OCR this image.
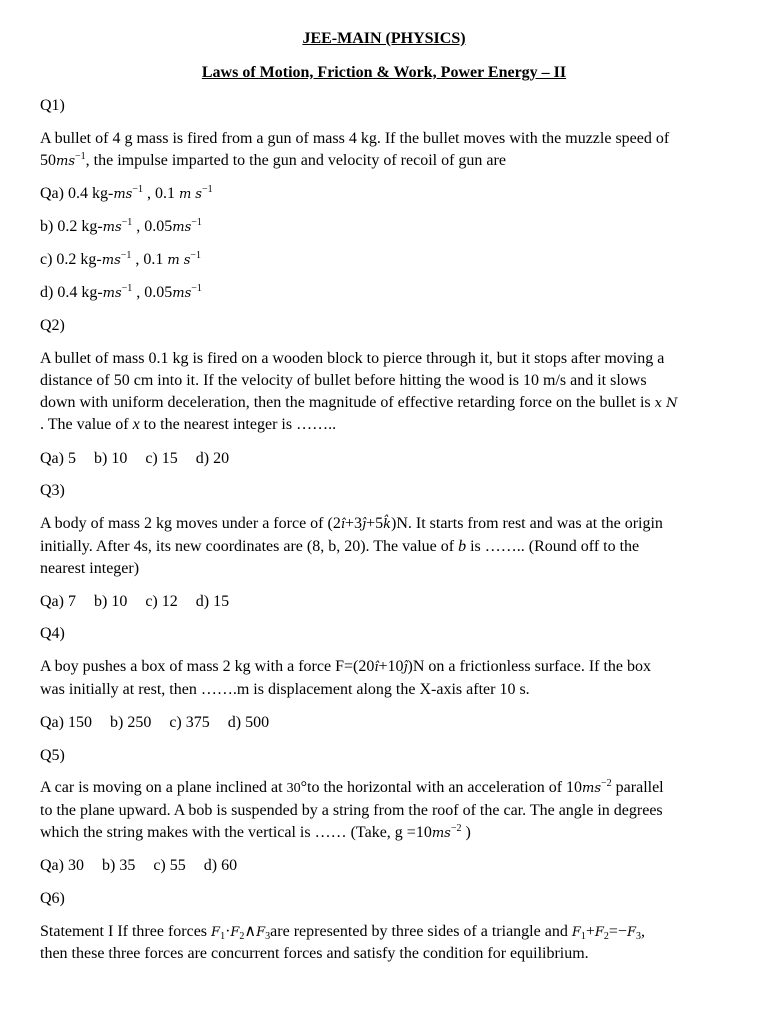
JEE-MAIN (PHYSICS)
Laws of Motion, Friction & Work, Power Energy – II
Q1)
A bullet of 4 g mass is fired from a gun of mass 4 kg. If the bullet moves with the muzzle speed of
$50ms^{-1}$, the impulse imparted to the gun and velocity of recoil of gun are
Qa) 0.4 $kg-ms^{-1}$ , 0.1 m $s^{-1}$
b) 0.2 $kg-ms^{-1}$ , $0.05ms^{-1}$
c) 0.2 $kg-ms^{-1}$ , 0.1 m $s^{-1}$
d) 0.4 $kg-ms^{-1}$ , $0.05ms^{-1}$
Q2)
A bullet of mass 0.1 kg is fired on a wooden block to pierce through it, but it stops after moving a
distance of 50 cm into it. If the velocity of bullet before hitting the wood is 10 m/s and it slows
down with uniform deceleration, then the magnitude of effective retarding force on the bullet is x N
. The value of x to the nearest integer is ……..
Qa) 5 b) 10 c) 15 d) 20
Q3)
A body of mass 2 kg moves under a force of (2î+3ĵ+5k̂)N. It starts from rest and was at the origin
initially. After 4s, its new coordinates are (8, b, 20). The value of b is …….. (Round off to the
nearest integer)
Qa) 7 b) 10 c) 12 d) 15
Q4)
A boy pushes a box of mass 2 kg with a force F=(20î+10ĵ)N on a frictionless surface. If the box
was initially at rest, then …….m is displacement along the X-axis after 10 s.
Qa) 150 b) 250 c) 375 d) 500
Q5)
A car is moving on a plane inclined at 30°to the horizontal with an acceleration of $10ms^{-2}$ parallel
to the plane upward. A bob is suspended by a string from the roof of the car. The angle in degrees
which the string makes with the vertical is …… (Take, $g =10ms^{-2}$ )
Qa) 30 b) 35 c) 55 d) 60
Q6)
Statement I If three forces $F_1\cdot F_2\wedge F_3are$ represented by three sides of a triangle and $F_1+F_2=-F_3$,
then these three forces are concurrent forces and satisfy the condition for equilibrium.
